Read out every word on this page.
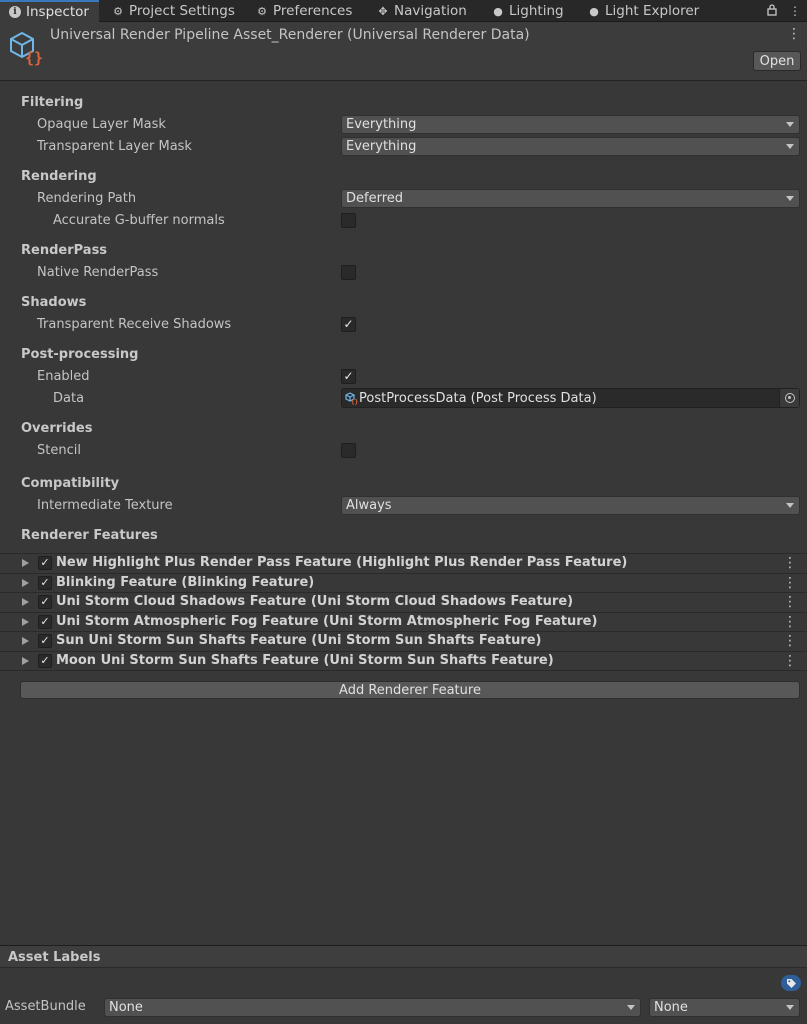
i Inspector ⚙ Project Settings ⚙ Preferences ✥ Navigation ● Lighting ● Light Explorer	⋮
{}
Universal Render Pipeline Asset_Renderer (Universal Renderer Data)	⋮
Open
Filtering
Opaque Layer Mask	Everything
Transparent Layer Mask	Everything
Rendering
Rendering Path	Deferred
Accurate G-buffer normals
RenderPass
Native RenderPass
Shadows
Transparent Receive Shadows	✓
Post-processing
Enabled	✓
Data	{} PostProcessData (Post Process Data)
Overrides
Stencil
Compatibility
Intermediate Texture	Always
Renderer Features
✓ New Highlight Plus Render Pass Feature (Highlight Plus Render Pass Feature)	⋮
✓ Blinking Feature (Blinking Feature)	⋮
✓ Uni Storm Cloud Shadows Feature (Uni Storm Cloud Shadows Feature)	⋮
✓ Uni Storm Atmospheric Fog Feature (Uni Storm Atmospheric Fog Feature)	⋮
✓ Sun Uni Storm Sun Shafts Feature (Uni Storm Sun Shafts Feature)	⋮
✓ Moon Uni Storm Sun Shafts Feature (Uni Storm Sun Shafts Feature)	⋮
Add Renderer Feature
Asset Labels
AssetBundle None	None
